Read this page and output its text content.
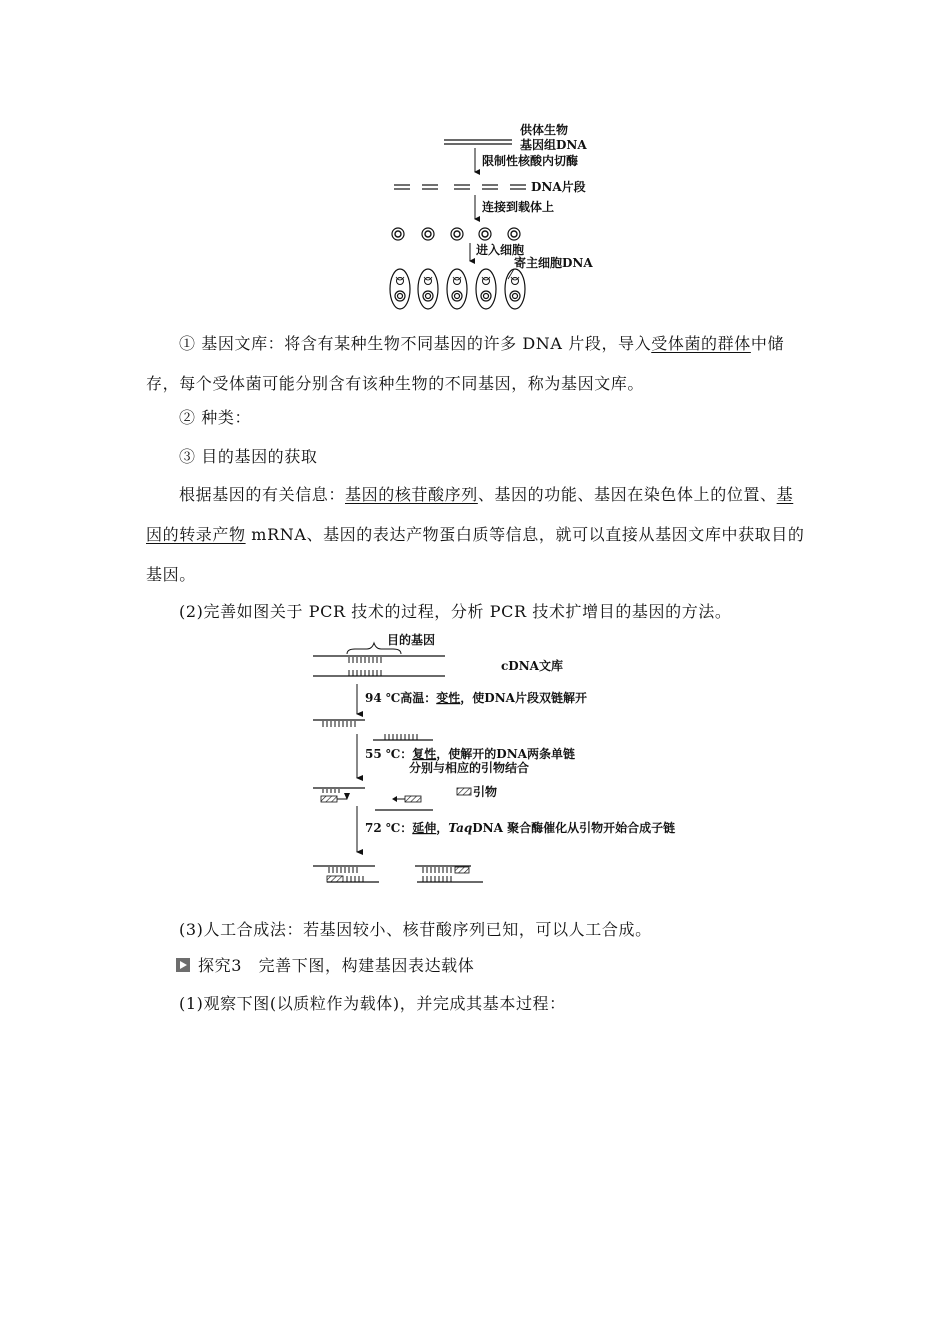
供体生物
基因组DNA
限制性核酸内切酶
DNA片段
连接到载体上
进入细胞
寄主细胞DNA

① 基因文库：将含有某种生物不同基因的许多 DNA 片段，导入受体菌的群体中储存，每个受体菌可能分别含有该种生物的不同基因，称为基因文库。

② 种类：

③ 目的基因的获取

根据基因的有关信息：基因的核苷酸序列、基因的功能、基因在染色体上的位置、基因的转录产物 mRNA、基因的表达产物蛋白质等信息，就可以直接从基因文库中获取目的基因。

(2)完善如图关于 PCR 技术的过程，分析 PCR 技术扩增目的基因的方法。

目的基因
cDNA文库
94 ℃高温：变性，使DNA片段双链解开
55 ℃：复性，使解开的DNA两条单链
分别与相应的引物结合
引物
72 ℃：延伸，TaqDNA 聚合酶催化从引物开始合成子链

(3)人工合成法：若基因较小、核苷酸序列已知，可以人工合成。

探究3　完善下图，构建基因表达载体

(1)观察下图(以质粒作为载体)，并完成其基本过程：
